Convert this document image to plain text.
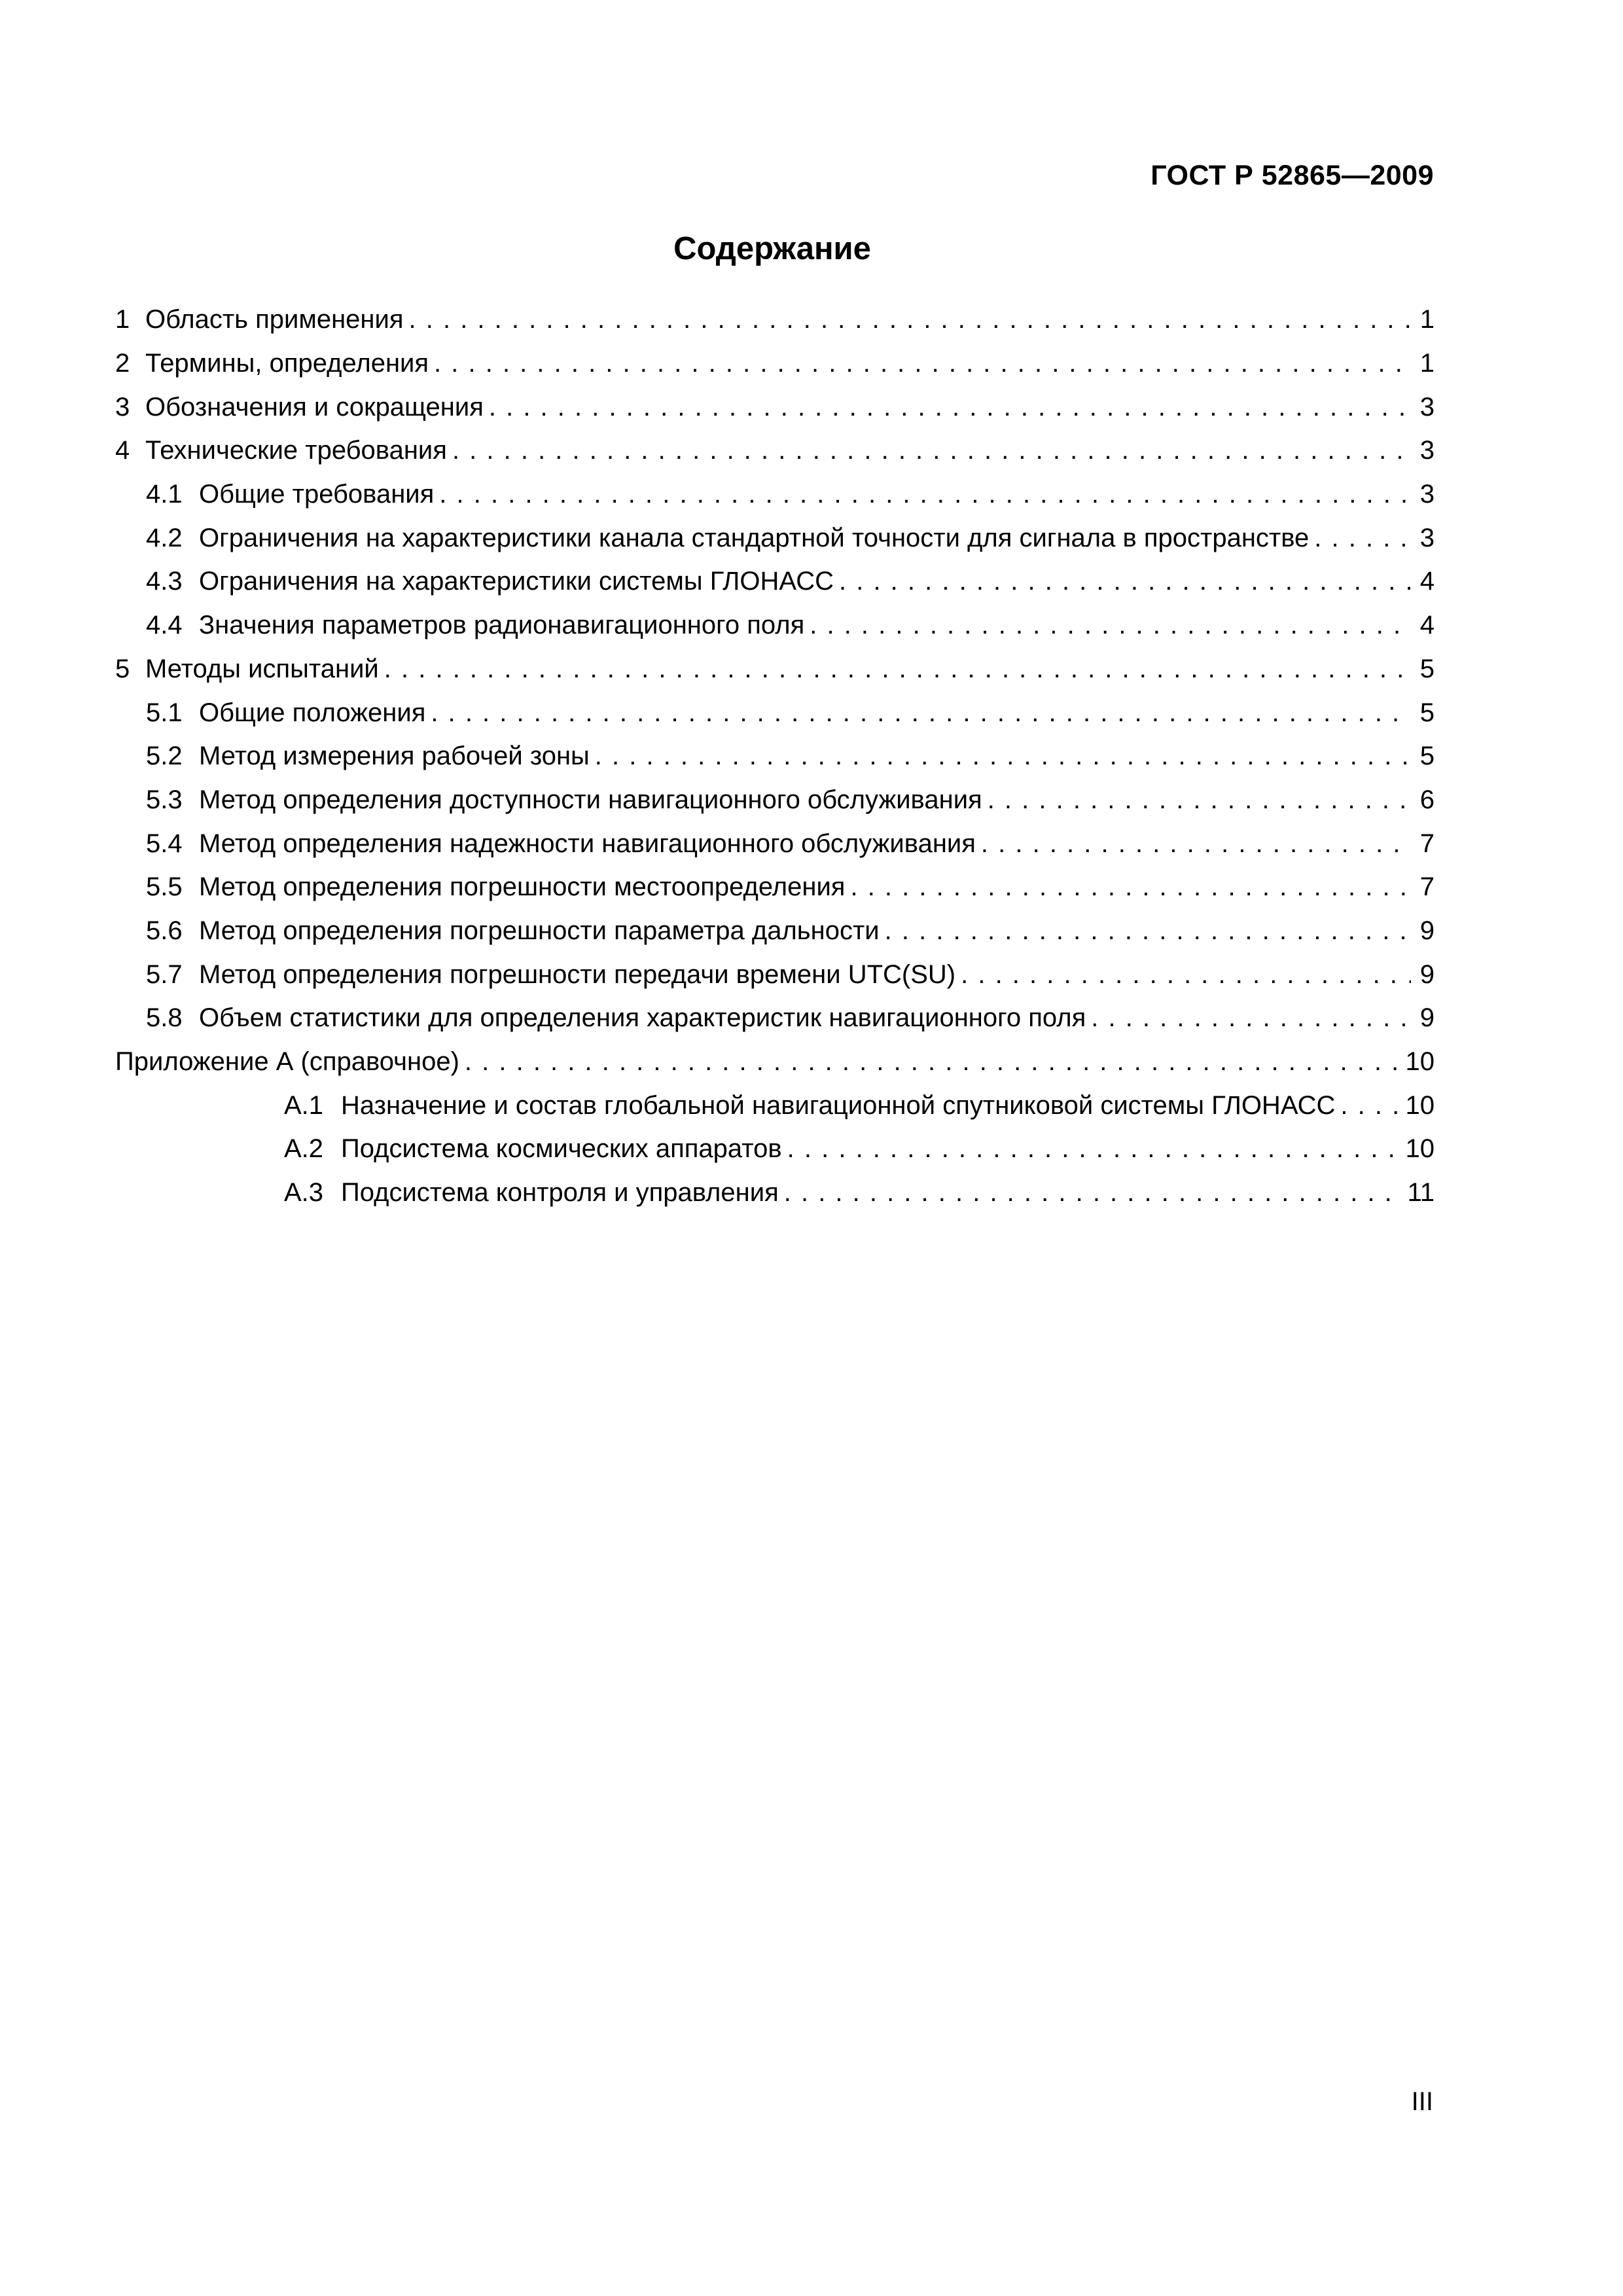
ГОСТ Р 52865—2009
Содержание
1 Область применения . . .	1
2 Термины, определения . . .	1
3 Обозначения и сокращения . . .	3
4 Технические требования . . .	3
4.1 Общие требования . . .	3
4.2 Ограничения на характеристики канала стандартной точности для сигнала в пространстве . . .	3
4.3 Ограничения на характеристики системы ГЛОНАСС . . .	4
4.4 Значения параметров радионавигационного поля . . .	4
5 Методы испытаний . . .	5
5.1 Общие положения . . .	5
5.2 Метод измерения рабочей зоны . . .	5
5.3 Метод определения доступности навигационного обслуживания . . .	6
5.4 Метод определения надежности навигационного обслуживания . . .	7
5.5 Метод определения погрешности местоопределения . . .	7
5.6 Метод определения погрешности параметра дальности . . .	9
5.7 Метод определения погрешности передачи времени UTC(SU) . . .	9
5.8 Объем статистики для определения характеристик навигационного поля . . .	9
Приложение А (справочное) . . .	10
А.1 Назначение и состав глобальной навигационной спутниковой системы ГЛОНАСС . . .	10
А.2 Подсистема космических аппаратов . . .	10
А.3 Подсистема контроля и управления . . .	11
III
